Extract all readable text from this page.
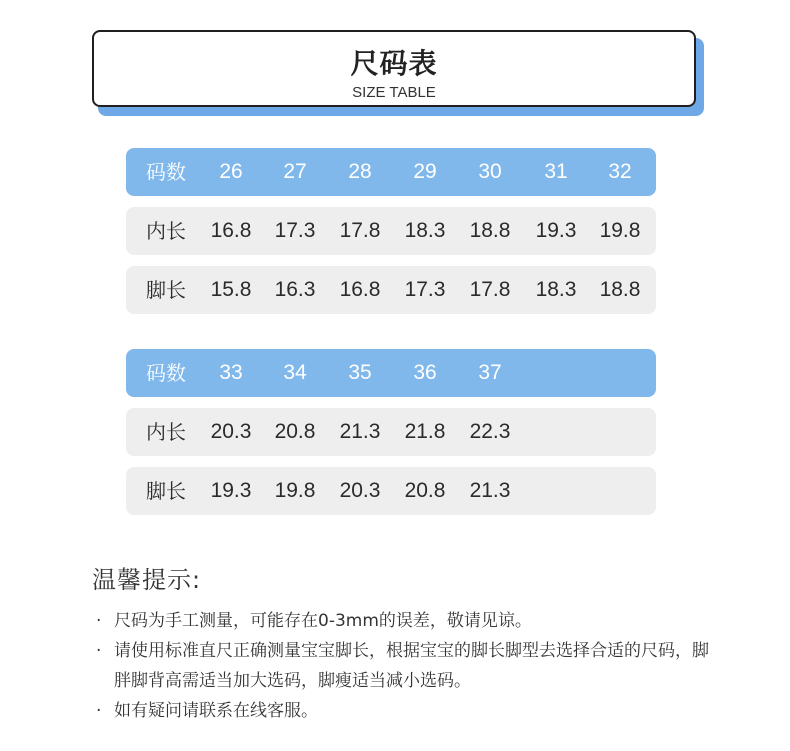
尺码表
SIZE TABLE
码数	26	27	28	29	30	31	32
内长	16.8	17.3	17.8	18.3	18.8	19.3	19.8
脚长	15.8	16.3	16.8	17.3	17.8	18.3	18.8
码数	33	34	35	36	37
内长	20.3	20.8	21.3	21.8	22.3
脚长	19.3	19.8	20.3	20.8	21.3
温馨提示:
· 尺码为手工测量，可能存在0-3mm的误差，敬请见谅。
· 请使用标准直尺正确测量宝宝脚长，根据宝宝的脚长脚型去选择合适的尺码，脚胖脚背高需适当加大选码，脚瘦适当减小选码。
· 如有疑问请联系在线客服。
